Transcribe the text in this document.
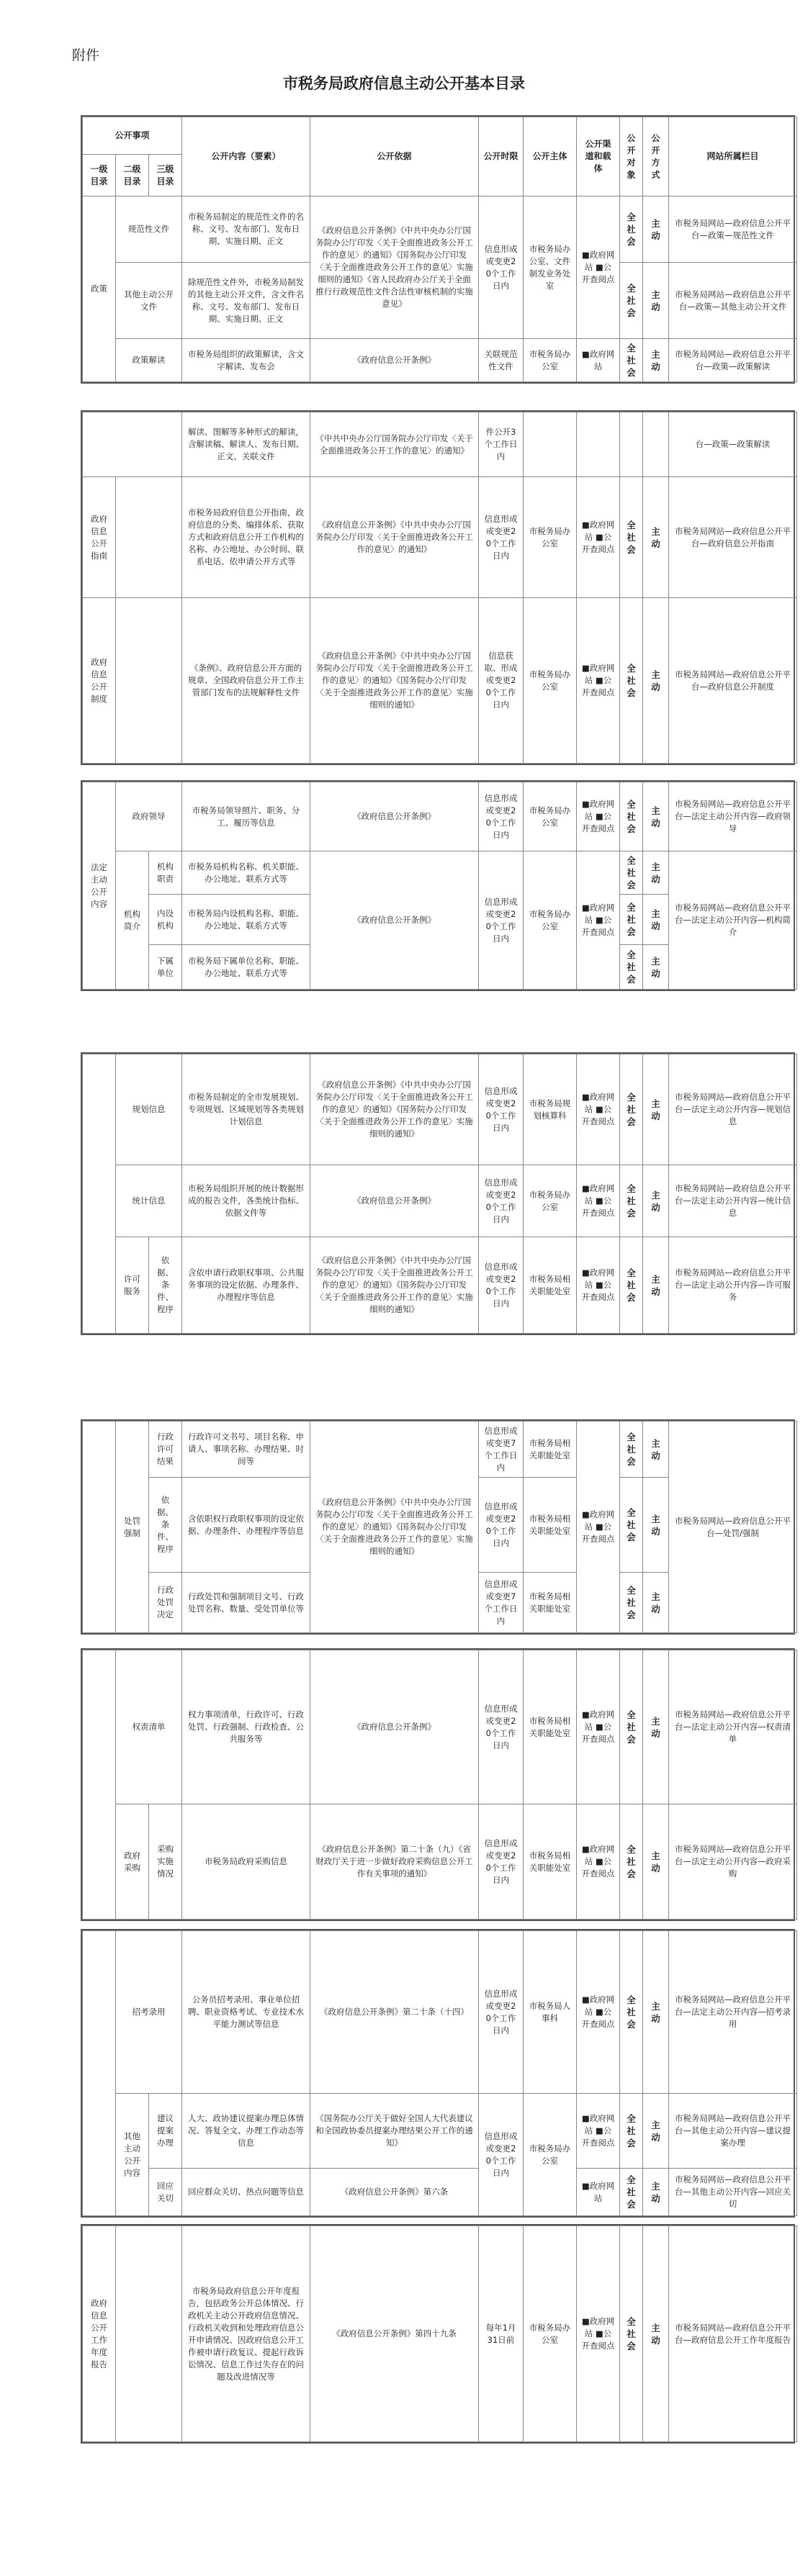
附件
市税务局政府信息主动公开基本目录
公开事项			公开内容（要素）	公开依据	公开时限	公开主体	公开渠道和载体	公开对象	公开方式	网站所属栏目
一级目录	二级目录	三级目录								
政策	规范性文件		市税务局制定的规范性文件的名称、文号、发布部门、发布日期、实施日期、正文	《政府信息公开条例》《中共中央办公厅国务院办公厅印发〈关于全面推进政务公开工作的意见〉的通知》《国务院办公厅印发〈关于全面推进政务公开工作的意见〉实施细则的通知》《省人民政府办公厅关于全面推行行政规范性文件合法性审核机制的实施意见》	信息形成或变更20个工作日内	市税务局办公室、文件制发业务处室	■政府网站 ■公开查阅点	全社会	主动	市税务局网站—政府信息公开平台—政策—规范性文件
	其他主动公开文件		除规范性文件外，市税务局制发的其他主动公开文件，含文件名称、文号、发布部门、发布日期、实施日期、正文					全社会	主动	市税务局网站—政府信息公开平台—政策—其他主动公开文件
	政策解读		市税务局组织的政策解读，含文字解读、发布会	《政府信息公开条例》	关联规范性文件	市税务局办公室	■政府网站	全社会	主动	市税务局网站—政府信息公开平台—政策—政策解读
		解读、图解等多种形式的解读，含解读稿、解读人、发布日期、正文、关联文件	《中共中央办公厅国务院办公厅印发〈关于全面推进政务公开工作的意见〉的通知》	件公开3个工作日内					台—政策—政策解读
政府信息公开指南		市税务局政府信息公开指南，政府信息的分类、编排体系、获取方式和政府信息公开工作机构的名称、办公地址、办公时间、联系电话、依申请公开方式等	《政府信息公开条例》《中共中央办公厅国务院办公厅印发〈关于全面推进政务公开工作的意见〉的通知》	信息形成或变更20个工作日内	市税务局办公室	■政府网站 ■公开查阅点	全社会	主动	市税务局网站—政府信息公开平台—政府信息公开指南
政府信息公开制度		《条例》、政府信息公开方面的规章、全国政府信息公开工作主管部门发布的法规解释性文件	《政府信息公开条例》《中共中央办公厅国务院办公厅印发〈关于全面推进政务公开工作的意见〉的通知》《国务院办公厅印发〈关于全面推进政务公开工作的意见〉实施细则的通知》	信息获取、形成或变更20个工作日内	市税务局办公室	■政府网站 ■公开查阅点	全社会	主动	市税务局网站—政府信息公开平台—政府信息公开制度
法定主动公开内容	政府领导		市税务局领导照片、职务、分工、履历等信息	《政府信息公开条例》	信息形成或变更20个工作日内	市税务局办公室	■政府网站 ■公开查阅点	全社会	主动	市税务局网站—政府信息公开平台—法定主动公开内容—政府领导
	机构简介	机构职责	市税务局机构名称、机关职能、办公地址、联系方式等	《政府信息公开条例》	信息形成或变更20个工作日内	市税务局办公室	■政府网站 ■公开查阅点	全社会	主动	市税务局网站—政府信息公开平台—法定主动公开内容—机构简介
		内设机构	市税务局内设机构名称、职能、办公地址、联系方式等					全社会	主动	
		下属单位	市税务局下属单位名称、职能、办公地址、联系方式等					全社会	主动	
	规划信息		市税务局制定的全市发展规划、专项规划、区域规划等各类规划计划信息	《政府信息公开条例》《中共中央办公厅国务院办公厅印发〈关于全面推进政务公开工作的意见〉的通知》《国务院办公厅印发〈关于全面推进政务公开工作的意见〉实施细则的通知》	信息形成或变更20个工作日内	市税务局规划核算科	■政府网站 ■公开查阅点	全社会	主动	市税务局网站—政府信息公开平台—法定主动公开内容—规划信息
	统计信息		市税务局组织开展的统计数据形成的报告文件，各类统计指标、依据文件等	《政府信息公开条例》	信息形成或变更20个工作日内	市税务局办公室	■政府网站 ■公开查阅点	全社会	主动	市税务局网站—政府信息公开平台—法定主动公开内容—统计信息
	许可服务	依据、条件、程序	含依申请行政职权事项、公共服务事项的设定依据、办理条件、办理程序等信息	《政府信息公开条例》《中共中央办公厅国务院办公厅印发〈关于全面推进政务公开工作的意见〉的通知》《国务院办公厅印发〈关于全面推进政务公开工作的意见〉实施细则的通知》	信息形成或变更20个工作日内	市税务局相关职能处室	■政府网站 ■公开查阅点	全社会	主动	市税务局网站—政府信息公开平台—法定主动公开内容—许可服务
	处罚强制	行政许可结果	行政许可文书号、项目名称、申请人、事项名称、办理结果、时间等	《政府信息公开条例》《中共中央办公厅国务院办公厅印发〈关于全面推进政务公开工作的意见〉的通知》《国务院办公厅印发〈关于全面推进政务公开工作的意见〉实施细则的通知》	信息形成或变更7个工作日内	市税务局相关职能处室	■政府网站 ■公开查阅点	全社会	主动	市税务局网站—政府信息公开平台—处罚/强制
		依据、条件、程序	含依职权行政职权事项的设定依据、办理条件、办理程序等信息		信息形成或变更20个工作日内	市税务局相关职能处室		全社会	主动	
		行政处罚决定	行政处罚和强制项目文号、行政处罚名称、数量、受处罚单位等		信息形成或变更7个工作日内	市税务局相关职能处室		全社会	主动	
	权责清单		权力事项清单，行政许可、行政处罚、行政强制、行政检查、公共服务等	《政府信息公开条例》	信息形成或变更20个工作日内	市税务局相关职能处室	■政府网站 ■公开查阅点	全社会	主动	市税务局网站—政府信息公开平台—法定主动公开内容—权责清单
	政府采购	采购实施情况	市税务局政府采购信息	《政府信息公开条例》第二十条（九）《省财政厅关于进一步做好政府采购信息公开工作有关事项的通知》	信息形成或变更20个工作日内	市税务局相关职能处室	■政府网站 ■公开查阅点	全社会	主动	市税务局网站—政府信息公开平台—法定主动公开内容—政府采购
	招考录用		公务员招考录用、事业单位招聘、职业资格考试、专业技术水平能力测试等信息	《政府信息公开条例》第二十条（十四）	信息形成或变更20个工作日内	市税务局人事科	■政府网站 ■公开查阅点	全社会	主动	市税务局网站—政府信息公开平台—法定主动公开内容—招考录用
	其他主动公开内容	建议提案办理	人大、政协建议提案办理总体情况、答复全文、办理工作动态等信息	《国务院办公厅关于做好全国人大代表建议和全国政协委员提案办理结果公开工作的通知》	信息形成或变更20个工作日内	市税务局办公室	■政府网站 ■公开查阅点	全社会	主动	市税务局网站—政府信息公开平台—其他主动公开内容—建议提案办理
		回应关切	回应群众关切、热点问题等信息	《政府信息公开条例》第六条			■政府网站	全社会	主动	市税务局网站—政府信息公开平台—其他主动公开内容—回应关切
政府信息公开工作年度报告		市税务局政府信息公开年度报告，包括政务公开总体情况、行政机关主动公开政府信息情况、行政机关收到和处理政府信息公开申请情况、因政府信息公开工作被申请行政复议、提起行政诉讼情况、信息工作过失存在的问题及改进情况等	《政府信息公开条例》第四十九条	每年1月31日前	市税务局办公室	■政府网站 ■公开查阅点	全社会	主动	市税务局网站—政府信息公开平台—政府信息公开工作年度报告
